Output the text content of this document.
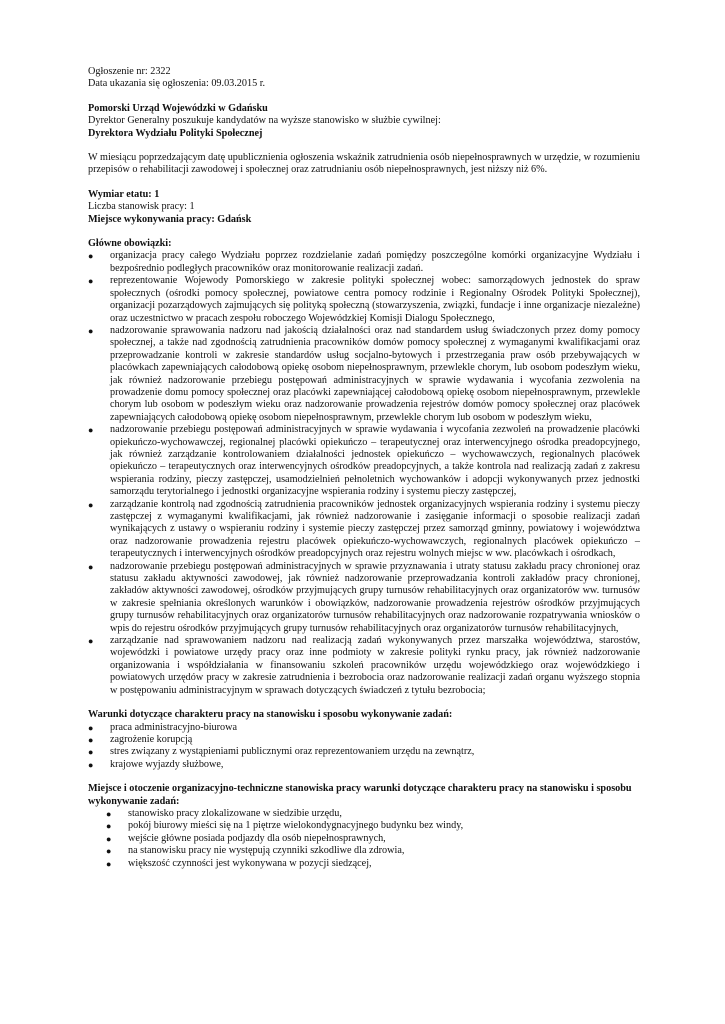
Ogłoszenie nr: 2322

Data ukazania się ogłoszenia: 09.03.2015 r.

Pomorski Urząd Wojewódzki w Gdańsku

Dyrektor Generalny poszukuje kandydatów na wyższe stanowisko w służbie cywilnej:

Dyrektora Wydziału Polityki Społecznej

W miesiącu poprzedzającym datę upublicznienia ogłoszenia wskaźnik zatrudnienia osób niepełnosprawnych w urzędzie, w rozumieniu przepisów o rehabilitacji zawodowej i społecznej oraz zatrudnianiu osób niepełnosprawnych, jest niższy niż 6%.

Wymiar etatu: 1

Liczba stanowisk pracy: 1

Miejsce wykonywania pracy: Gdańsk

Główne obowiązki:

● organizacja pracy całego Wydziału poprzez rozdzielanie zadań pomiędzy poszczególne komórki organizacyjne Wydziału i bezpośrednio podległych pracowników oraz monitorowanie realizacji zadań.
● reprezentowanie Wojewody Pomorskiego w zakresie polityki społecznej wobec: samorządowych jednostek do spraw społecznych (ośrodki pomocy społecznej, powiatowe centra pomocy rodzinie i Regionalny Ośrodek Polityki Społecznej), organizacji pozarządowych zajmujących się polityką społeczną (stowarzyszenia, związki, fundacje i inne organizacje niezależne) oraz uczestnictwo w pracach zespołu roboczego Wojewódzkiej Komisji Dialogu Społecznego,
● nadzorowanie sprawowania nadzoru nad jakością działalności oraz nad standardem usług świadczonych przez domy pomocy społecznej, a także nad zgodnością zatrudnienia pracowników domów pomocy społecznej z wymaganymi kwalifikacjami oraz przeprowadzanie kontroli w zakresie standardów usług socjalno-bytowych i przestrzegania praw osób przebywających w placówkach zapewniających całodobową opiekę osobom niepełnosprawnym, przewlekle chorym, lub osobom podeszłym wieku, jak również nadzorowanie przebiegu postępowań administracyjnych w sprawie wydawania i wycofania zezwolenia na prowadzenie domu pomocy społecznej oraz placówki zapewniającej całodobową opiekę osobom niepełnosprawnym, przewlekle chorym lub osobom w podeszłym wieku oraz nadzorowanie prowadzenia rejestrów domów pomocy społecznej oraz placówek zapewniających całodobową opiekę osobom niepełnosprawnym, przewlekle chorym lub osobom w podeszłym wieku,
● nadzorowanie przebiegu postępowań administracyjnych w sprawie wydawania i wycofania zezwoleń na prowadzenie placówki opiekuńczo-wychowawczej, regionalnej placówki opiekuńczo – terapeutycznej oraz interwencyjnego ośrodka preadopcyjnego, jak również zarządzanie kontrolowaniem działalności jednostek opiekuńczo – wychowawczych, regionalnych placówek opiekuńczo – terapeutycznych oraz interwencyjnych ośrodków preadopcyjnych, a także kontrola nad realizacją zadań z zakresu wspierania rodziny, pieczy zastępczej, usamodzielnień pełnoletnich wychowanków i adopcji wykonywanych przez jednostki samorządu terytorialnego i jednostki organizacyjne wspierania rodziny i systemu pieczy zastępczej,
● zarządzanie kontrolą nad zgodnością zatrudnienia pracowników jednostek organizacyjnych wspierania rodziny i systemu pieczy zastępczej z wymaganymi kwalifikacjami, jak również nadzorowanie i zasięganie informacji o sposobie realizacji zadań wynikających z ustawy o wspieraniu rodziny i systemie pieczy zastępczej przez samorząd gminny, powiatowy i województwa oraz nadzorowanie prowadzenia rejestru placówek opiekuńczo-wychowawczych, regionalnych placówek opiekuńczo – terapeutycznych i interwencyjnych ośrodków preadopcyjnych oraz rejestru wolnych miejsc w ww. placówkach i ośrodkach,
● nadzorowanie przebiegu postępowań administracyjnych w sprawie przyznawania i utraty statusu zakładu pracy chronionej oraz statusu zakładu aktywności zawodowej, jak również nadzorowanie przeprowadzania kontroli zakładów pracy chronionej, zakładów aktywności zawodowej, ośrodków przyjmujących grupy turnusów rehabilitacyjnych oraz organizatorów ww. turnusów w zakresie spełniania określonych warunków i obowiązków, nadzorowanie prowadzenia rejestrów ośrodków przyjmujących grupy turnusów rehabilitacyjnych oraz organizatorów turnusów rehabilitacyjnych oraz nadzorowanie rozpatrywania wniosków o wpis do rejestru ośrodków przyjmujących grupy turnusów rehabilitacyjnych oraz organizatorów turnusów rehabilitacyjnych,
● zarządzanie nad sprawowaniem nadzoru nad realizacją zadań wykonywanych przez marszałka województwa, starostów, wojewódzki i powiatowe urzędy pracy oraz inne podmioty w zakresie polityki rynku pracy, jak również nadzorowanie organizowania i współdziałania w finansowaniu szkoleń pracowników urzędu wojewódzkiego oraz wojewódzkiego i powiatowych urzędów pracy w zakresie zatrudnienia i bezrobocia oraz nadzorowanie realizacji zadań organu wyższego stopnia w postępowaniu administracyjnym w sprawach dotyczących świadczeń z tytułu bezrobocia;

Warunki dotyczące charakteru pracy na stanowisku i sposobu wykonywanie zadań:

● praca administracyjno-biurowa
● zagrożenie korupcją
● stres związany z wystąpieniami publicznymi oraz reprezentowaniem urzędu na zewnątrz,
● krajowe wyjazdy służbowe,

Miejsce i otoczenie organizacyjno-techniczne stanowiska pracy warunki dotyczące charakteru pracy na stanowisku i sposobu wykonywanie zadań:

● stanowisko pracy zlokalizowane w siedzibie urzędu,
● pokój biurowy mieści się na 1 piętrze wielokondygnacyjnego budynku bez windy,
● wejście główne posiada podjazdy dla osób niepełnosprawnych,
● na stanowisku pracy nie występują czynniki szkodliwe dla zdrowia,
● większość czynności jest wykonywana w pozycji siedzącej,
